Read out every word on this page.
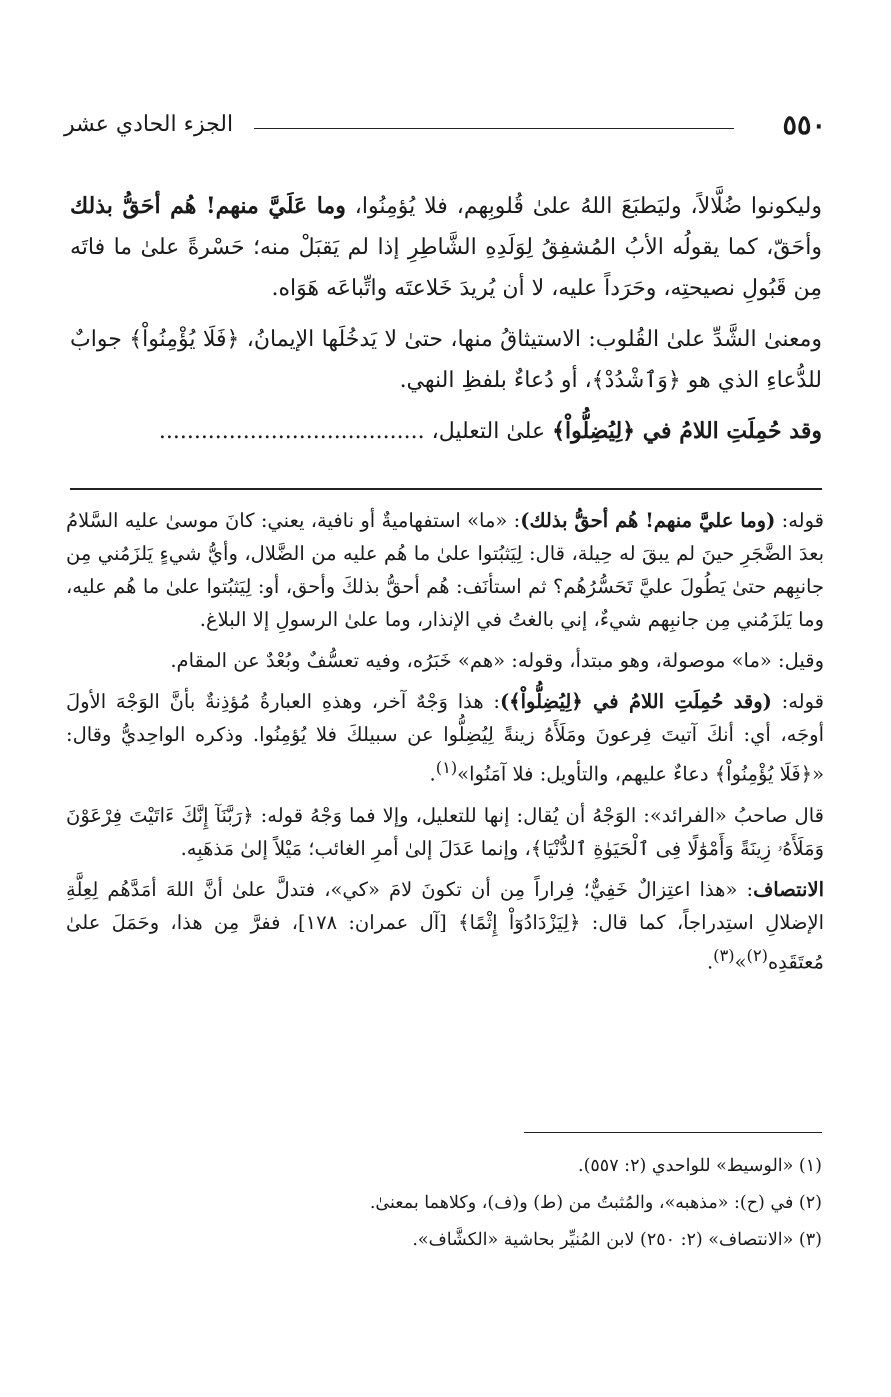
٥٥٠
الجزء الحادي عشر

وليكونوا ضُلَّالاً، وليَطبَعَ اللهُ علىٰ قُلوبِهم، فلا يُؤمِنُوا، وما عَلَيَّ منهم! هُم أحَقُّ بذلك وأحَقّ، كما يقولُه الأبُ المُشفِقُ لِوَلَدِهِ الشَّاطِرِ إذا لم يَقبَلْ منه؛ حَسْرةً علىٰ ما فاتَه مِن قَبُولِ نصيحتِه، وحَرَداً عليه، لا أن يُريدَ خَلاعتَه واتِّباعَه هَوَاه.

ومعنىٰ الشَّدِّ علىٰ القُلوب: الاستيثاقُ منها، حتىٰ لا يَدخُلَها الإيمانُ، ﴿فَلَا يُؤْمِنُواْ﴾ جوابٌ للدُّعاءِ الذي هو ﴿وَٱشْدُدْ﴾، أو دُعاءٌ بلفظِ النهي.

وقد حُمِلَتِ اللامُ في ﴿لِيُضِلُّواْ﴾ علىٰ التعليل، ......................................

قوله: (وما عليَّ منهم! هُم أحقُّ بذلك): «ما» استفهاميةٌ أو نافية، يعني: كانَ موسىٰ عليه السَّلامُ بعدَ الضَّجَرِ حينَ لم يبقَ له حِيلة، قال: لِيَثبُتوا علىٰ ما هُم عليه من الضَّلال، وأيُّ شيءٍ يَلزَمُني مِن جانبِهم حتىٰ يَطُولَ عليَّ تَحَسُّرُهُم؟ ثم استأنَف: هُم أحقُّ بذلكَ وأحق، أو: لِيَثبُتوا علىٰ ما هُم عليه، وما يَلزَمُني مِن جانبِهم شيءٌ، إني بالغتُ في الإنذار، وما علىٰ الرسولِ إلا البلاغ.

وقيل: «ما» موصولة، وهو مبتدأ، وقوله: «هم» خَبَرُه، وفيه تعسُّفٌ وبُعْدٌ عن المقام.

قوله: (وقد حُمِلَتِ اللامُ في ﴿لِيُضِلُّواْ﴾): هذا وَجْهٌ آخر، وهذهِ العبارةُ مُؤذِنةٌ بأنَّ الوَجْهَ الأولَ أوجَه، أي: أنكَ آتيتَ فِرعونَ ومَلَأَهُ زينةً لِيُضِلُّوا عن سبيلكَ فلا يُؤمِنُوا. وذكره الواحِديُّ وقال: «﴿فَلَا يُؤْمِنُواْ﴾ دعاءٌ عليهم، والتأويل: فلا آمَنُوا»$^{(١)}$.

قال صاحبُ «الفرائد»: الوَجْهُ أن يُقال: إنها للتعليل، وإلا فما وَجْهُ قوله: ﴿رَبَّنَآ إِنَّكَ ءَاتَيْتَ فِرْعَوْنَ وَمَلَأَهُۥ زِينَةً وَأَمْوَٰلًا فِى ٱلْحَيَوٰةِ ٱلدُّنْيَا﴾، وإنما عَدَلَ إلىٰ أمرِ الغائب؛ مَيْلاً إلىٰ مَذهَبِه.

الانتصاف: «هذا اعتِزالٌ خَفِيٌّ؛ فِراراً مِن أن تكونَ لامَ «كي»، فتدلَّ علىٰ أنَّ اللهَ أمَدَّهُم لِعِلَّةِ الإضلالِ استِدراجاً، كما قال: ﴿لِيَزْدَادُوٓاْ إِثْمًا﴾ [آل عمران: ١٧٨]، ففرَّ مِن هذا، وحَمَلَ علىٰ مُعتَقَدِه$^{(٢)}$»$^{(٣)}$.

(١) «الوسيط» للواحدي (٢: ٥٥٧).

(٢) في (ح): «مذهبه»، والمُثبتُ من (ط) و(ف)، وكلاهما بمعنىٰ.

(٣) «الانتصاف» (٢: ٢٥٠) لابن المُنيِّر بحاشية «الكشَّاف».
